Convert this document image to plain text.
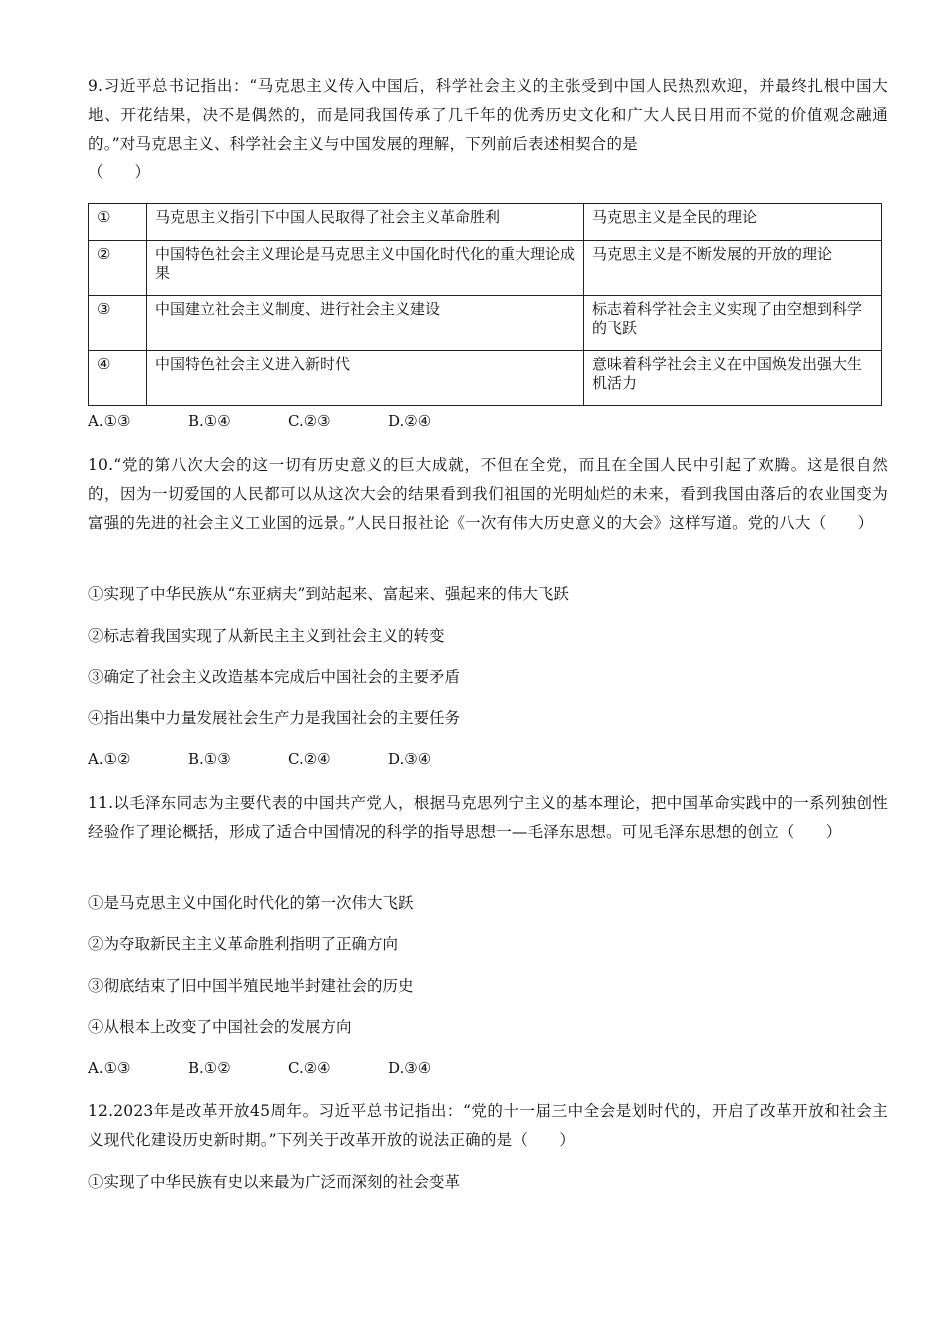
9.习近平总书记指出：“马克思主义传入中国后，科学社会主义的主张受到中国人民热烈欢迎，并最终扎根中国大地、开花结果，决不是偶然的，而是同我国传承了几千年的优秀历史文化和广大人民日用而不觉的价值观念融通的。”对马克思主义、科学社会主义与中国发展的理解，下列前后表述相契合的是

（　　）
①	马克思主义指引下中国人民取得了社会主义革命胜利	马克思主义是全民的理论
②	中国特色社会主义理论是马克思主义中国化时代化的重大理论成果	马克思主义是不断发展的开放的理论
③	中国建立社会主义制度、进行社会主义建设	标志着科学社会主义实现了由空想到科学的飞跃
④	中国特色社会主义进入新时代	意味着科学社会主义在中国焕发出强大生机活力
A.①③	B.①④	C.②③	D.②④

10.“党的第八次大会的这一切有历史意义的巨大成就，不但在全党，而且在全国人民中引起了欢腾。这是很自然的，因为一切爱国的人民都可以从这次大会的结果看到我们祖国的光明灿烂的未来，看到我国由落后的农业国变为富强的先进的社会主义工业国的远景。”人民日报社论《一次有伟大历史意义的大会》这样写道。党的八大（　　）

①实现了中华民族从“东亚病夫”到站起来、富起来、强起来的伟大飞跃

②标志着我国实现了从新民主主义到社会主义的转变

③确定了社会主义改造基本完成后中国社会的主要矛盾

④指出集中力量发展社会生产力是我国社会的主要任务

A.①②	B.①③	C.②④	D.③④

11.以毛泽东同志为主要代表的中国共产党人，根据马克思列宁主义的基本理论，把中国革命实践中的一系列独创性经验作了理论概括，形成了适合中国情况的科学的指导思想一—毛泽东思想。可见毛泽东思想的创立（　　）

①是马克思主义中国化时代化的第一次伟大飞跃

②为夺取新民主主义革命胜利指明了正确方向

③彻底结束了旧中国半殖民地半封建社会的历史

④从根本上改变了中国社会的发展方向

A.①③	B.①②	C.②④	D.③④

12.2023年是改革开放45周年。习近平总书记指出：“党的十一届三中全会是划时代的，开启了改革开放和社会主义现代化建设历史新时期。”下列关于改革开放的说法正确的是（　　）

①实现了中华民族有史以来最为广泛而深刻的社会变革
